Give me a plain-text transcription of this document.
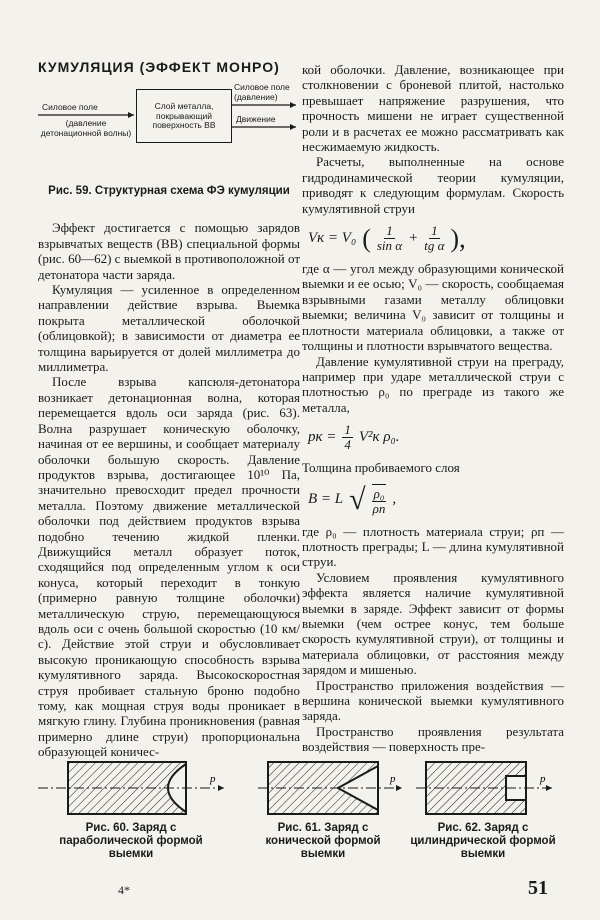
КУМУЛЯЦИЯ (ЭФФЕКТ МОНРО)
Силовое поле
(давление детонационной волны)
Слой металла, покрывающий поверхность ВВ
Силовое поле (давление)
Движение
Рис. 59. Структурная схема ФЭ кумуляции

Эффект достигается с помощью зарядов взрывчатых веществ (ВВ) специальной формы (рис. 60—62) с выемкой в противоположной от детонатора части заряда.

Кумуляция — усиленное в определенном направлении действие взрыва. Выемка покрыта металлической оболочкой (облицовкой); в зависимости от диаметра ее толщина варьируется от долей миллиметра до миллиметра.

После взрыва капсюля-детонатора возникает детонационная волна, которая перемещается вдоль оси заряда (рис. 63). Волна разрушает коническую оболочку, начиная от ее вершины, и сообщает материалу оболочки большую скорость. Давление продуктов взрыва, достигающее 10¹⁰ Па, значительно превосходит предел прочности металла. Поэтому движение металлической оболочки под действием продуктов взрыва подобно течению жидкой пленки. Движущийся металл образует поток, сходящийся под определенным углом к оси конуса, который переходит в тонкую (примерно равную толщине оболочки) металлическую струю, перемещающуюся вдоль оси с очень большой скоростью (10 км/с). Действие этой струи и обусловливает высокую проникающую способность взрыва кумулятивного заряда. Высокоскоростная струя пробивает стальную броню подобно тому, как мощная струя воды проникает в мягкую глину. Глубина проникновения (равная примерно длине струи) пропорциональна образующей коничес-

кой оболочки. Давление, возникающее при столкновении с броневой плитой, настолько превышает напряжение разрушения, что прочность мишени не играет существенной роли и в расчетах ее можно рассматривать как несжимаемую жидкость.

Расчеты, выполненные на основе гидродинамической теории кумуляции, приводят к следующим формулам. Скорость кумулятивной струи

Vк = V₀ ( $\frac{1}{\text{sin α}} + \frac{1}{\text{tg α}}$ ),

где α — угол между образующими конической выемки и ее осью; V₀ — скорость, сообщаемая взрывными газами металлу облицовки выемки; величина V₀ зависит от толщины и плотности материала облицовки, а также от толщины и плотности взрывчатого вещества.

Давление кумулятивной струи на преграду, например при ударе металлической струи с плотностью ρ₀ по преграде из такого же металла,

pк = $\frac{1}{4} V^2к$ ρ₀.

Толщина пробиваемого слоя

B = L √ $\frac{\text{ρ₀}}{\rho п}$ ,

где ρ₀ — плотность материала струи; ρп — плотность преграды; L — длина кумулятивной струи.

Условием проявления кумулятивного эффекта является наличие кумулятивной выемки в заряде. Эффект зависит от формы выемки (чем острее конус, тем больше скорость кумулятивной струи), от толщины и материала облицовки, от расстояния между зарядом и мишенью.

Пространство приложения воздействия — вершина конической выемки кумулятивного заряда.

Пространство проявления результата воздействия — поверхность пре-

p	p	p
Рис. 60. Заряд с параболической формой выемки
Рис. 61. Заряд с конической формой выемки
Рис. 62. Заряд с цилиндрической формой выемки
4*	51
